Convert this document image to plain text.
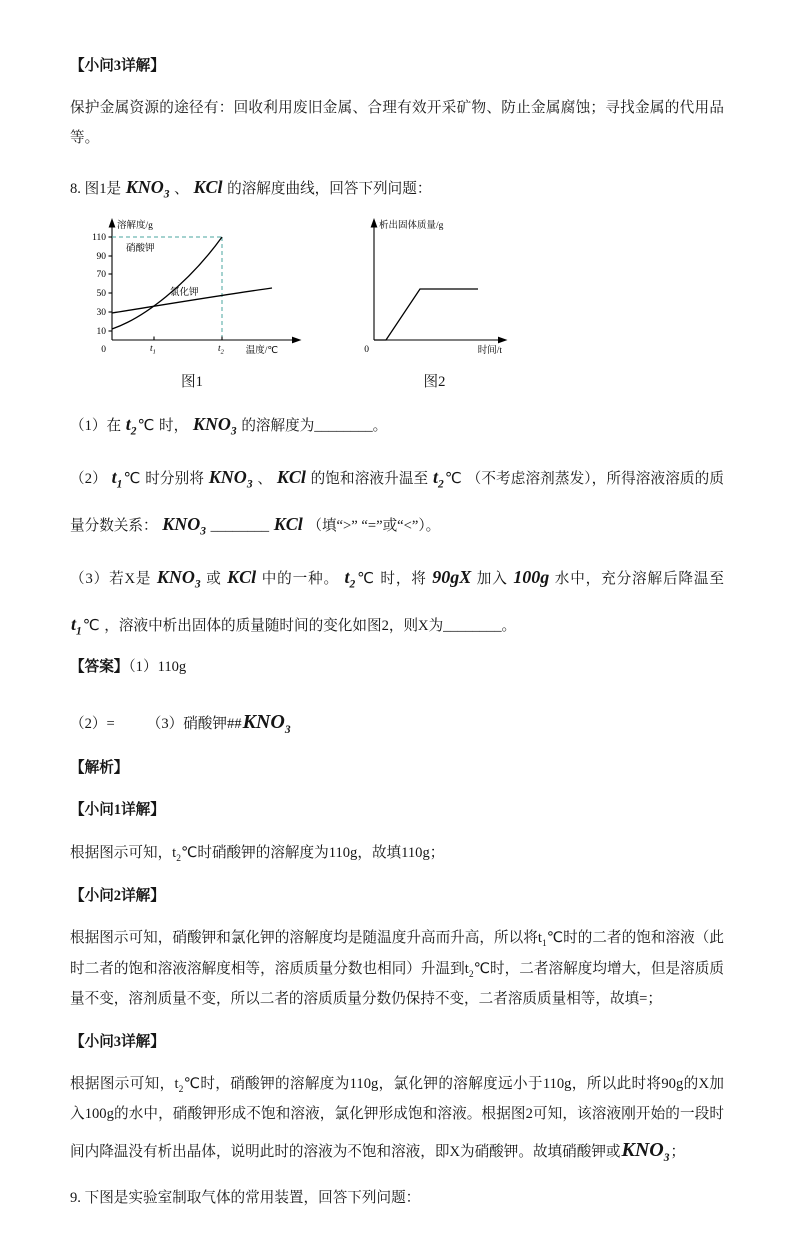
【小问3详解】

保护金属资源的途径有：回收利用废旧金属、合理有效开采矿物、防止金属腐蚀；寻找金属的代用品等。

8. 图1是 $KNO_3$ 、 KCl 的溶解度曲线，回答下列问题：

溶解度/g
110
90
70
50
30
10
硝酸钾
氯化钾
0	$t_1$	$t_2$ 温度/℃
图1
析出固体质量/g
0	时间/t
图2

（1）在 $t_2℃$ 时， $KNO_3$ 的溶解度为________。

（2） $t_1℃$ 时分别将 $KNO_3$ 、 KCl 的饱和溶液升温至 $t_2℃$ （不考虑溶剂蒸发），所得溶液溶质的质量分数关系： $KNO_3$ ________ KCl （填“>” “=”或“<”）。

（3）若X是 $KNO_3$ 或 KCl 中的一种。 $t_2℃$ 时，将 90gX 加入 100g 水中，充分溶解后降温至 $t_1℃$ ，溶液中析出固体的质量随时间的变化如图2，则X为________。

【答案】（1）110g

（2）= （3）硝酸钾$\#\#KNO_3$

【解析】

【小问1详解】

根据图示可知，$t_2℃$时硝酸钾的溶解度为110g，故填110g；

【小问2详解】

根据图示可知，硝酸钾和氯化钾的溶解度均是随温度升高而升高，所以将$t_1℃$时的二者的饱和溶液（此时二者的饱和溶液溶解度相等，溶质质量分数也相同）升温到$t_2℃$时，二者溶解度均增大，但是溶质质量不变，溶剂质量不变，所以二者的溶质质量分数仍保持不变，二者溶质质量相等，故填=；

【小问3详解】

根据图示可知，$t_2℃$时，硝酸钾的溶解度为110g，氯化钾的溶解度远小于110g，所以此时将90g的X加入100g的水中，硝酸钾形成不饱和溶液，氯化钾形成饱和溶液。根据图2可知，该溶液刚开始的一段时间内降温没有析出晶体，说明此时的溶液为不饱和溶液，即X为硝酸钾。故填硝酸钾或$KNO_3$；

9. 下图是实验室制取气体的常用装置，回答下列问题：
